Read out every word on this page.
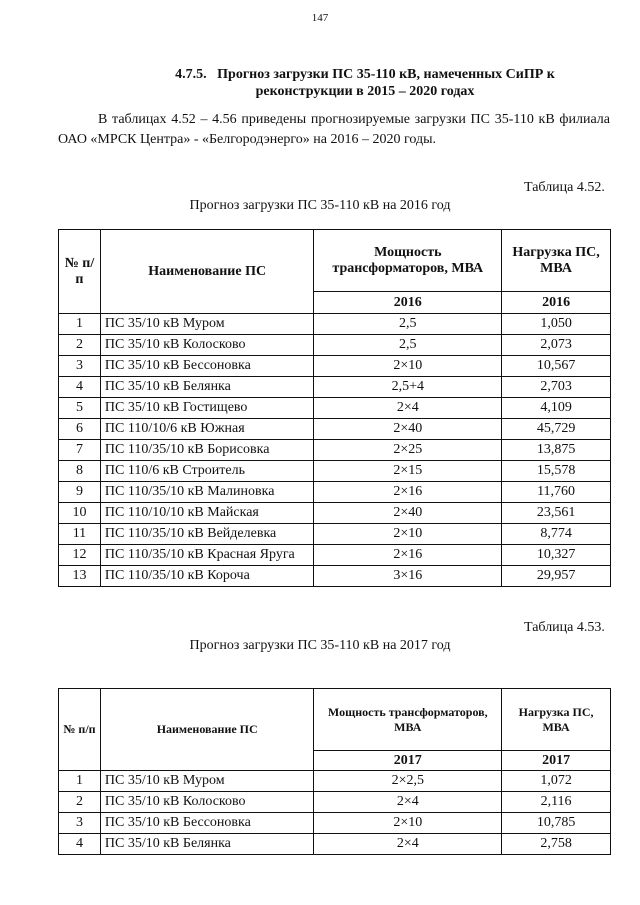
147
4.7.5. Прогноз загрузки ПС 35-110 кВ, намеченных СиПР к реконструкции в 2015 – 2020 годах
В таблицах 4.52 – 4.56 приведены прогнозируемые загрузки ПС 35-110 кВ филиала ОАО «МРСК Центра» - «Белгородэнерго» на 2016 – 2020 годы.
Таблица 4.52.
Прогноз загрузки ПС 35-110 кВ на 2016 год
№ п/п	Наименование ПС	Мощность трансформаторов, МВА	Нагрузка ПС, МВА
		2016	2016
1	ПС 35/10 кВ Муром	2,5	1,050
2	ПС 35/10 кВ Колосково	2,5	2,073
3	ПС 35/10 кВ Бессоновка	2×10	10,567
4	ПС 35/10 кВ Белянка	2,5+4	2,703
5	ПС 35/10 кВ Гостищево	2×4	4,109
6	ПС 110/10/6 кВ Южная	2×40	45,729
7	ПС 110/35/10 кВ Борисовка	2×25	13,875
8	ПС 110/6 кВ Строитель	2×15	15,578
9	ПС 110/35/10 кВ Малиновка	2×16	11,760
10	ПС 110/10/10 кВ Майская	2×40	23,561
11	ПС 110/35/10 кВ Вейделевка	2×10	8,774
12	ПС 110/35/10 кВ Красная Яруга	2×16	10,327
13	ПС 110/35/10 кВ Короча	3×16	29,957
Таблица 4.53.
Прогноз загрузки ПС 35-110 кВ на 2017 год
№ п/п	Наименование ПС	Мощность трансформаторов, МВА	Нагрузка ПС, МВА
		2017	2017
1	ПС 35/10 кВ Муром	2×2,5	1,072
2	ПС 35/10 кВ Колосково	2×4	2,116
3	ПС 35/10 кВ Бессоновка	2×10	10,785
4	ПС 35/10 кВ Белянка	2×4	2,758
